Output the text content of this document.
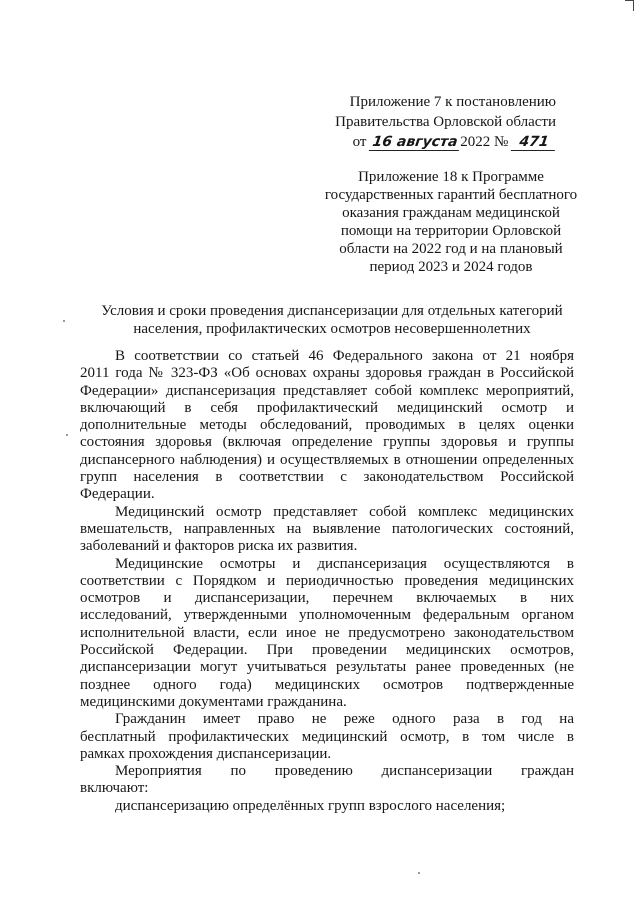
Приложение 7 к постановлению
Правительства Орловской области
от 16 августа2022 № 471
Приложение 18 к Программе
государственных гарантий бесплатного
оказания гражданам медицинской
помощи на территории Орловской
области на 2022 год и на плановый
период 2023 и 2024 годов
Условия и сроки проведения диспансеризации для отдельных категорий
населения, профилактических осмотров несовершеннолетних

В соответствии со статьей 46 Федерального закона от 21 ноября
2011 года № 323-ФЗ «Об основах охраны здоровья граждан в Российской
Федерации» диспансеризация представляет собой комплекс мероприятий,
включающий в себя профилактический медицинский осмотр и
дополнительные методы обследований, проводимых в целях оценки
состояния здоровья (включая определение группы здоровья и группы
диспансерного наблюдения) и осуществляемых в отношении определенных
групп населения в соответствии с законодательством Российской
Федерации.

Медицинский осмотр представляет собой комплекс медицинских
вмешательств, направленных на выявление патологических состояний,
заболеваний и факторов риска их развития.

Медицинские осмотры и диспансеризация осуществляются в
соответствии с Порядком и периодичностью проведения медицинских
осмотров и диспансеризации, перечнем включаемых в них
исследований, утвержденными уполномоченным федеральным органом
исполнительной власти, если иное не предусмотрено законодательством
Российской Федерации. При проведении медицинских осмотров,
диспансеризации могут учитываться результаты ранее проведенных (не
позднее одного года) медицинских осмотров подтвержденные
медицинскими документами гражданина.

Гражданин имеет право не реже одного раза в год на
бесплатный профилактических медицинский осмотр, в том числе в
рамках прохождения диспансеризации.

Мероприятия по проведению диспансеризации граждан
включают:

диспансеризацию определённых групп взрослого населения;
